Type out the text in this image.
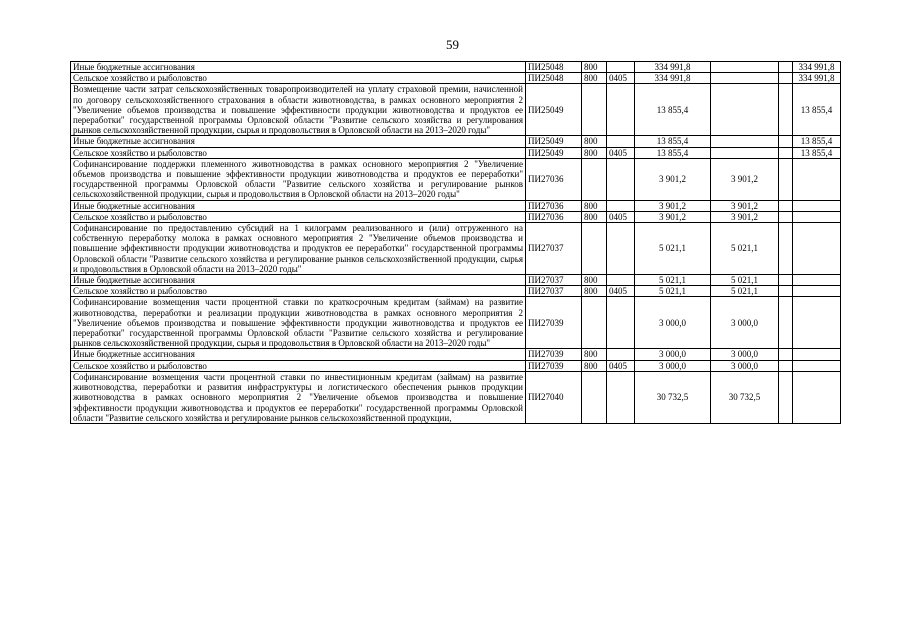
59
Иные бюджетные ассигнования	ПИ25048	800		334 991,8			334 991,8
Сельское хозяйство и рыболовство	ПИ25048	800	0405	334 991,8			334 991,8
Возмещение части затрат сельскохозяйственных товаропроизводителей на уплату страховой премии, начисленной по договору сельскохозяйственного страхования в области животноводства, в рамках основного мероприятия 2 "Увеличение объемов производства и повышение эффективности продукции животноводства и продуктов ее переработки" государственной программы Орловской области "Развитие сельского хозяйства и регулирования рынков сельскохозяйственной продукции, сырья и продовольствия в Орловской области на 2013–2020 годы"	ПИ25049			13 855,4			13 855,4
Иные бюджетные ассигнования	ПИ25049	800		13 855,4			13 855,4
Сельское хозяйство и рыболовство	ПИ25049	800	0405	13 855,4			13 855,4
Софинансирование поддержки племенного животноводства в рамках основного мероприятия 2 "Увеличение объемов производства и повышение эффективности продукции животноводства и продуктов ее переработки" государственной программы Орловской области "Развитие сельского хозяйства и регулирование рынков сельскохозяйственной продукции, сырья и продовольствия в Орловской области на 2013–2020 годы"	ПИ27036			3 901,2	3 901,2		
Иные бюджетные ассигнования	ПИ27036	800		3 901,2	3 901,2		
Сельское хозяйство и рыболовство	ПИ27036	800	0405	3 901,2	3 901,2		
Софинансирование по предоставлению субсидий на 1 килограмм реализованного и (или) отгруженного на собственную переработку молока в рамках основного мероприятия 2 "Увеличение объемов производства и повышение эффективности продукции животноводства и продуктов ее переработки" государственной программы Орловской области "Развитие сельского хозяйства и регулирование рынков сельскохозяйственной продукции, сырья и продовольствия в Орловской области на 2013–2020 годы"	ПИ27037			5 021,1	5 021,1		
Иные бюджетные ассигнования	ПИ27037	800		5 021,1	5 021,1		
Сельское хозяйство и рыболовство	ПИ27037	800	0405	5 021,1	5 021,1		
Софинансирование возмещения части процентной ставки по краткосрочным кредитам (займам) на развитие животноводства, переработки и реализации продукции животноводства в рамках основного мероприятия 2 "Увеличение объемов производства и повышение эффективности продукции животноводства и продуктов ее переработки" государственной программы Орловской области "Развитие сельского хозяйства и регулирование рынков сельскохозяйственной продукции, сырья и продовольствия в Орловской области на 2013–2020 годы"	ПИ27039			3 000,0	3 000,0		
Иные бюджетные ассигнования	ПИ27039	800		3 000,0	3 000,0		
Сельское хозяйство и рыболовство	ПИ27039	800	0405	3 000,0	3 000,0		
Софинансирование возмещения части процентной ставки по инвестиционным кредитам (займам) на развитие животноводства, переработки и развития инфраструктуры и логистического обеспечения рынков продукции животноводства в рамках основного мероприятия 2 "Увеличение объемов производства и повышение эффективности продукции животноводства и продуктов ее переработки" государственной программы Орловской области "Развитие сельского хозяйства и регулирование рынков сельскохозяйственной продукции,	ПИ27040			30 732,5	30 732,5		
